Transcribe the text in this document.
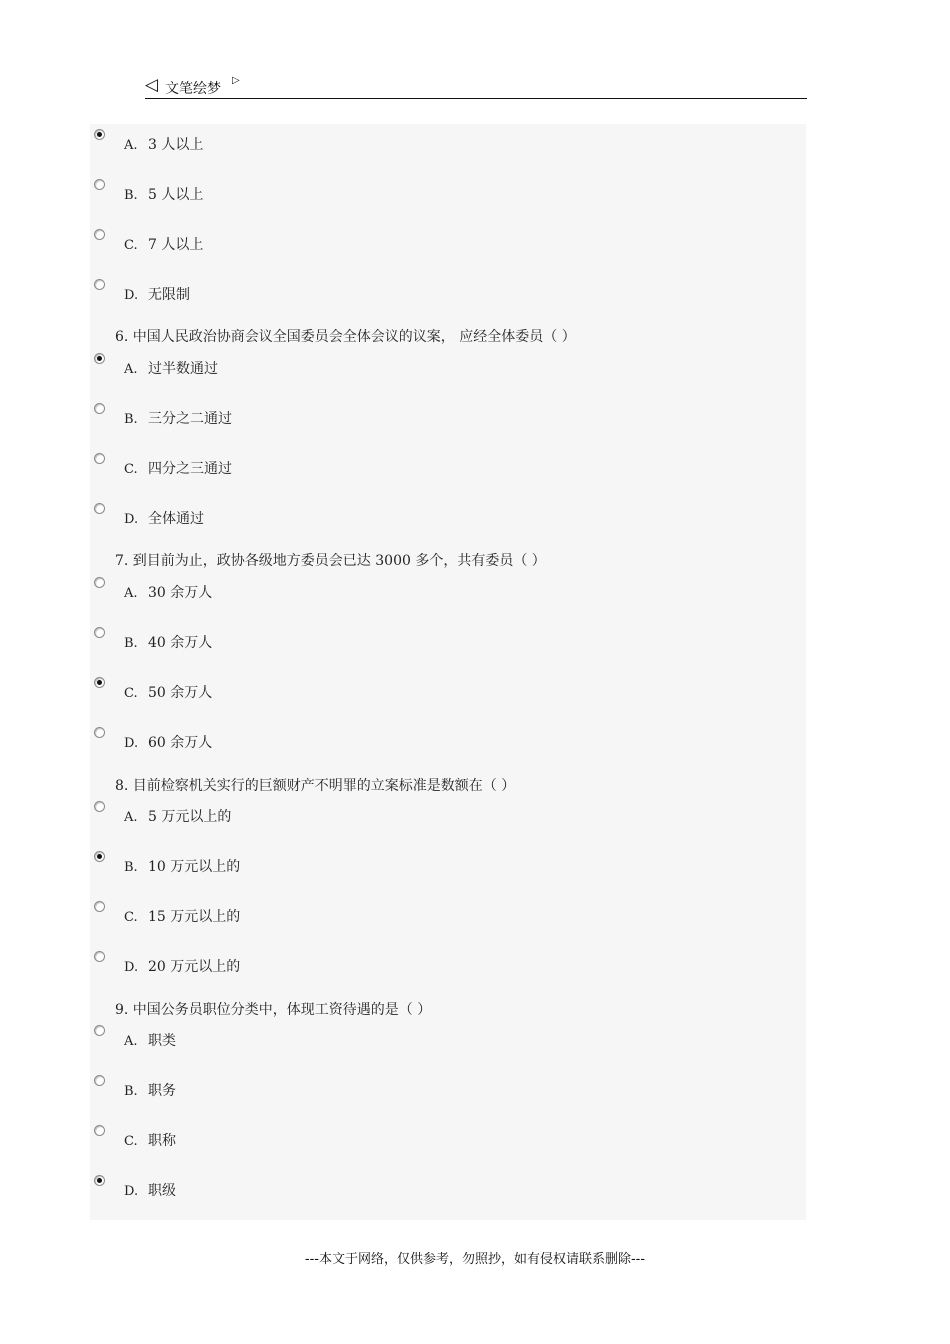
◁ 文笔绘梦
▷
A. 3 人以上
B. 5 人以上
C. 7 人以上
D. 无限制
6. 中国人民政治协商会议全国委员会全体会议的议案， 应经全体委员（ ）
A. 过半数通过
B. 三分之二通过
C. 四分之三通过
D. 全体通过
7. 到目前为止，政协各级地方委员会已达 3000 多个，共有委员（ ）
A. 30 余万人
B. 40 余万人
C. 50 余万人
D. 60 余万人
8. 目前检察机关实行的巨额财产不明罪的立案标准是数额在（ ）
A. 5 万元以上的
B. 10 万元以上的
C. 15 万元以上的
D. 20 万元以上的
9. 中国公务员职位分类中，体现工资待遇的是（ ）
A. 职类
B. 职务
C. 职称
D. 职级
---本文于网络，仅供参考，勿照抄，如有侵权请联系删除---
